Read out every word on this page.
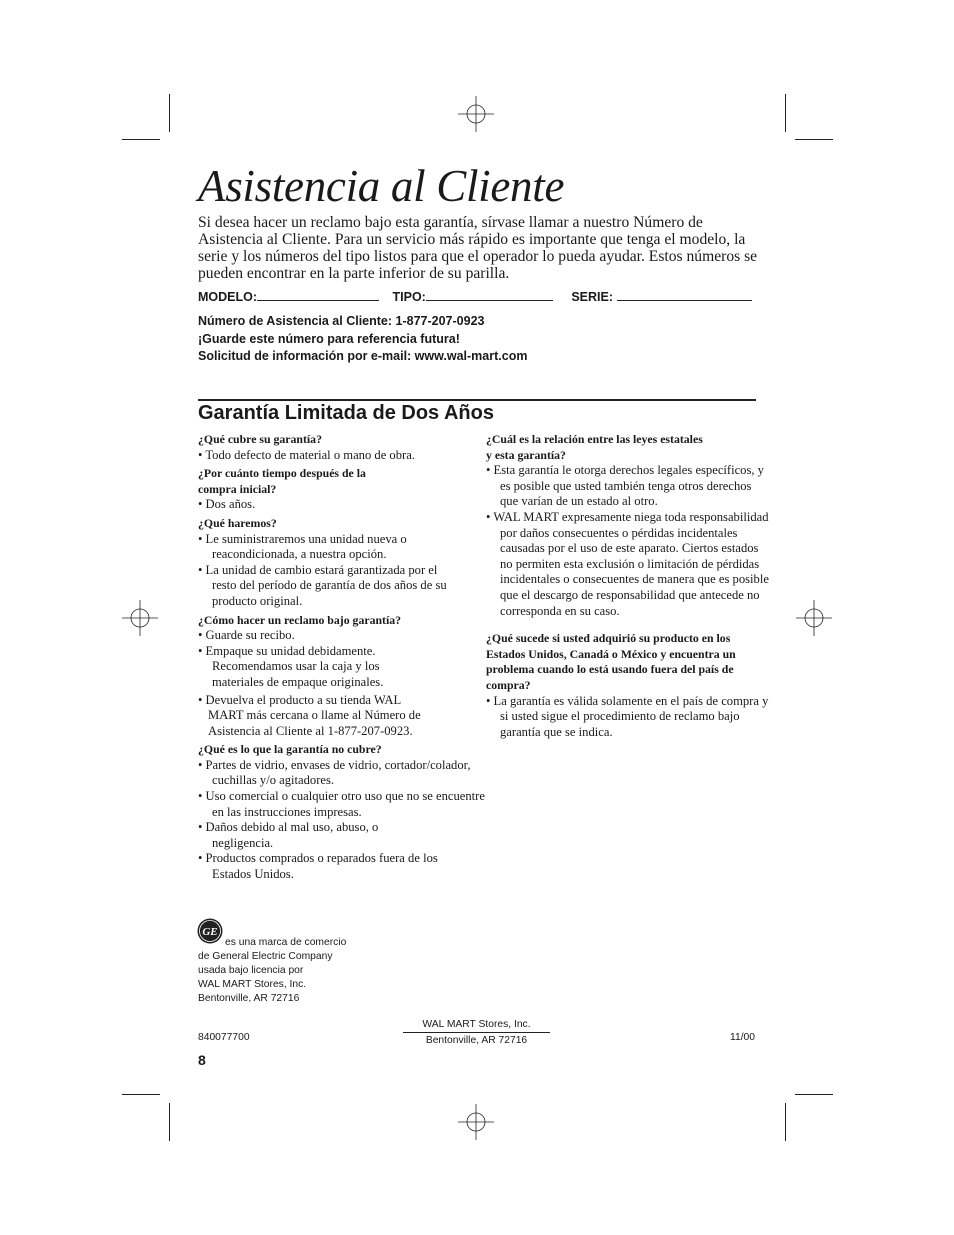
Asistencia al Cliente
Si desea hacer un reclamo bajo esta garantía, sírvase llamar a nuestro Número de Asistencia al Cliente. Para un servicio más rápido es importante que tenga el modelo, la serie y los números del tipo listos para que el operador lo pueda ayudar. Estos números se pueden encontrar en la parte inferior de su parilla.
MODELO:	TIPO:	SERIE:
Número de Asistencia al Cliente: 1-877-207-0923
¡Guarde este número para referencia futura!
Solicitud de información por e-mail: www.wal-mart.com
Garantía Limitada de Dos Años
¿Qué cubre su garantía?
• Todo defecto de material o mano de obra.
¿Por cuánto tiempo después de la
compra inicial?
• Dos años.
¿Qué haremos?
• Le suministraremos una unidad nueva o reacondicionada, a nuestra opción.
• La unidad de cambio estará garantizada por el resto del período de garantía de dos años de su producto original.
¿Cómo hacer un reclamo bajo garantía?
• Guarde su recibo.
• Empaque su unidad debidamente. Recomendamos usar la caja y los materiales de empaque originales.
• Devuelva el producto a su tienda WAL MART más cercana o llame al Número de Asistencia al Cliente al 1-877-207-0923.
¿Qué es lo que la garantía no cubre?
• Partes de vidrio, envases de vidrio, cortador/colador, cuchillas y/o agitadores.
• Uso comercial o cualquier otro uso que no se encuentre en las instrucciones impresas.
• Daños debido al mal uso, abuso, o negligencia.
• Productos comprados o reparados fuera de los Estados Unidos.
¿Cuál es la relación entre las leyes estatales
y esta garantía?
• Esta garantía le otorga derechos legales específicos, y es posible que usted también tenga otros derechos que varían de un estado al otro.
• WAL MART expresamente niega toda responsabilidad por daños consecuentes o pérdidas incidentales causadas por el uso de este aparato. Ciertos estados no permiten esta exclusión o limitación de pérdidas incidentales o consecuentes de manera que es posible que el descargo de responsabilidad que antecede no corresponda en su caso.
¿Qué sucede si usted adquirió su producto en los Estados Unidos, Canadá o México y encuentra un problema cuando lo está usando fuera del país de compra?
• La garantía es válida solamente en el país de compra y si usted sigue el procedimiento de reclamo bajo garantía que se indica.
GE
es una marca de comercio
de General Electric Company
usada bajo licencia por
WAL MART Stores, Inc.
Bentonville, AR 72716
WAL MART Stores, Inc.
Bentonville, AR 72716
840077700	11/00
8
